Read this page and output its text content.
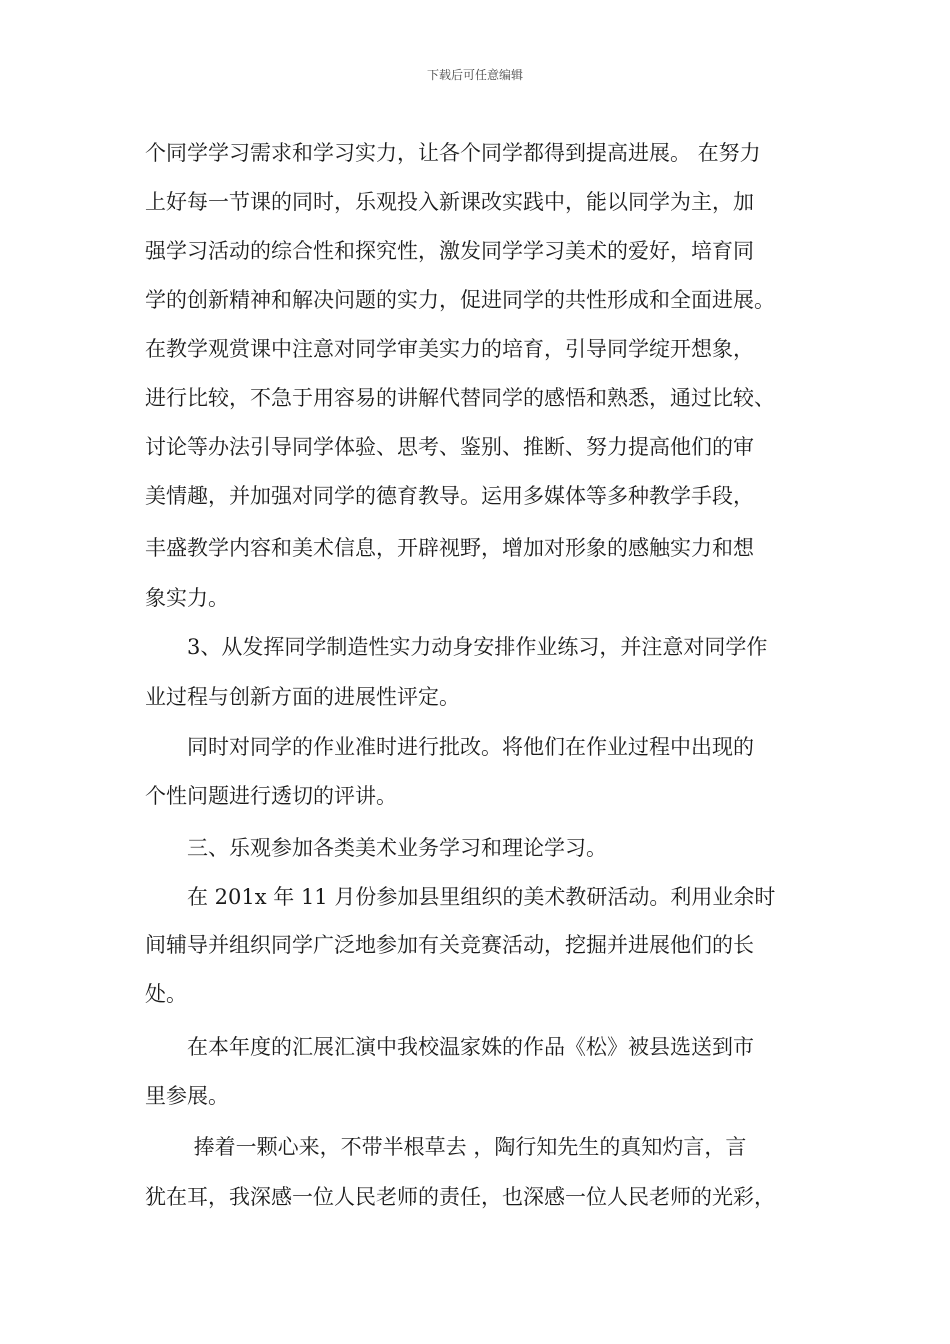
下载后可任意编辑
个同学学习需求和学习实力，让各个同学都得到提高进展。 在努力
上好每一节课的同时，乐观投入新课改实践中，能以同学为主，加
强学习活动的综合性和探究性，激发同学学习美术的爱好，培育同
学的创新精神和解决问题的实力，促进同学的共性形成和全面进展。
在教学观赏课中注意对同学审美实力的培育，引导同学绽开想象，
进行比较，不急于用容易的讲解代替同学的感悟和熟悉，通过比较、
讨论等办法引导同学体验、思考、鉴别、推断、努力提高他们的审
美情趣，并加强对同学的德育教导。运用多媒体等多种教学手段，
丰盛教学内容和美术信息，开辟视野，增加对形象的感触实力和想
象实力。
　　3、从发挥同学制造性实力动身安排作业练习，并注意对同学作
业过程与创新方面的进展性评定。
　　同时对同学的作业准时进行批改。将他们在作业过程中出现的
个性问题进行透切的评讲。
　　三、乐观参加各类美术业务学习和理论学习。
　　在 201x 年 11 月份参加县里组织的美术教研活动。利用业余时
间辅导并组织同学广泛地参加有关竞赛活动，挖掘并进展他们的长
处。
　　在本年度的汇展汇演中我校温家姝的作品《松》被县选送到市
里参展。
　　 捧着一颗心来，不带半根草去 ，陶行知先生的真知灼言，言
犹在耳，我深感一位人民老师的责任，也深感一位人民老师的光彩，
